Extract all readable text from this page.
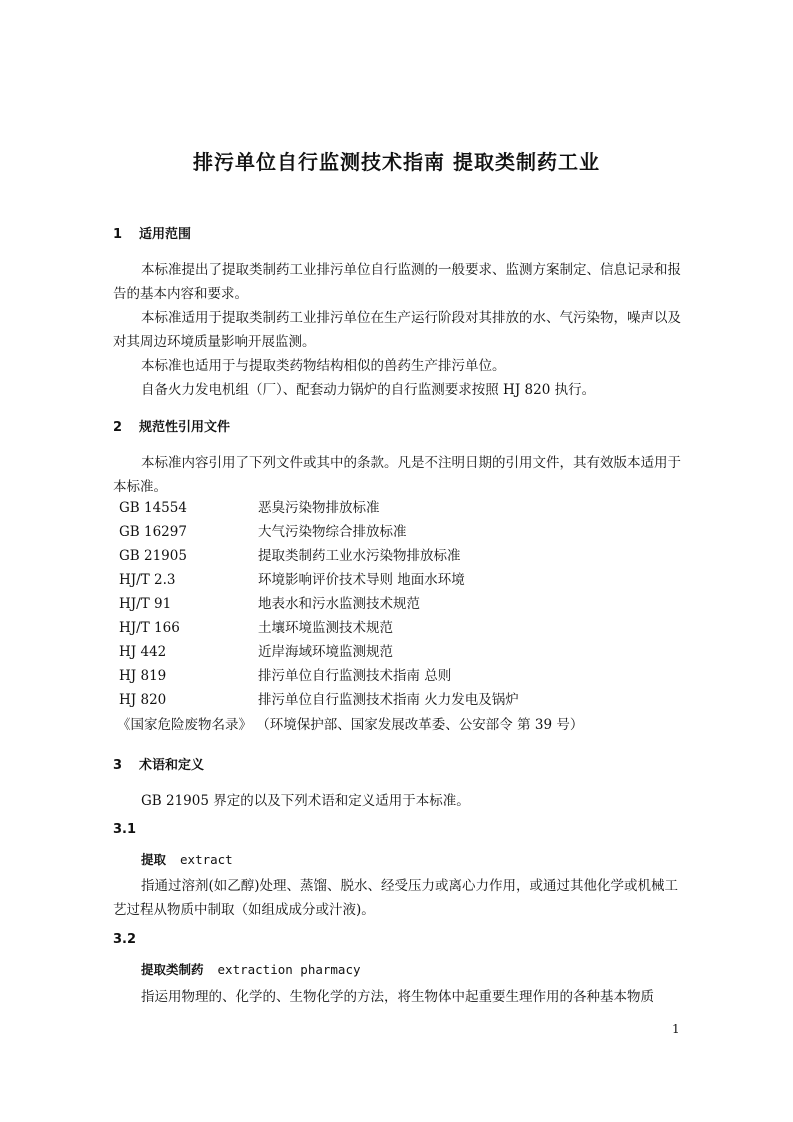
排污单位自行监测技术指南 提取类制药工业
1 适用范围
本标准提出了提取类制药工业排污单位自行监测的一般要求、监测方案制定、信息记录和报告的基本内容和要求。
本标准适用于提取类制药工业排污单位在生产运行阶段对其排放的水、气污染物，噪声以及对其周边环境质量影响开展监测。
本标准也适用于与提取类药物结构相似的兽药生产排污单位。
自备火力发电机组（厂）、配套动力锅炉的自行监测要求按照 HJ 820 执行。
2 规范性引用文件
本标准内容引用了下列文件或其中的条款。凡是不注明日期的引用文件，其有效版本适用于本标准。
GB 14554	恶臭污染物排放标准
GB 16297	大气污染物综合排放标准
GB 21905	提取类制药工业水污染物排放标准
HJ/T 2.3	环境影响评价技术导则 地面水环境
HJ/T 91	地表水和污水监测技术规范
HJ/T 166	土壤环境监测技术规范
HJ 442	近岸海域环境监测规范
HJ 819	排污单位自行监测技术指南 总则
HJ 820	排污单位自行监测技术指南 火力发电及锅炉
《国家危险废物名录》 （环境保护部、国家发展改革委、公安部令 第 39 号）
3 术语和定义
GB 21905 界定的以及下列术语和定义适用于本标准。
3.1
提取 extract
指通过溶剂(如乙醇)处理、蒸馏、脱水、经受压力或离心力作用，或通过其他化学或机械工艺过程从物质中制取（如组成成分或汁液)。
3.2
提取类制药 extraction pharmacy
指运用物理的、化学的、生物化学的方法，将生物体中起重要生理作用的各种基本物质
1
